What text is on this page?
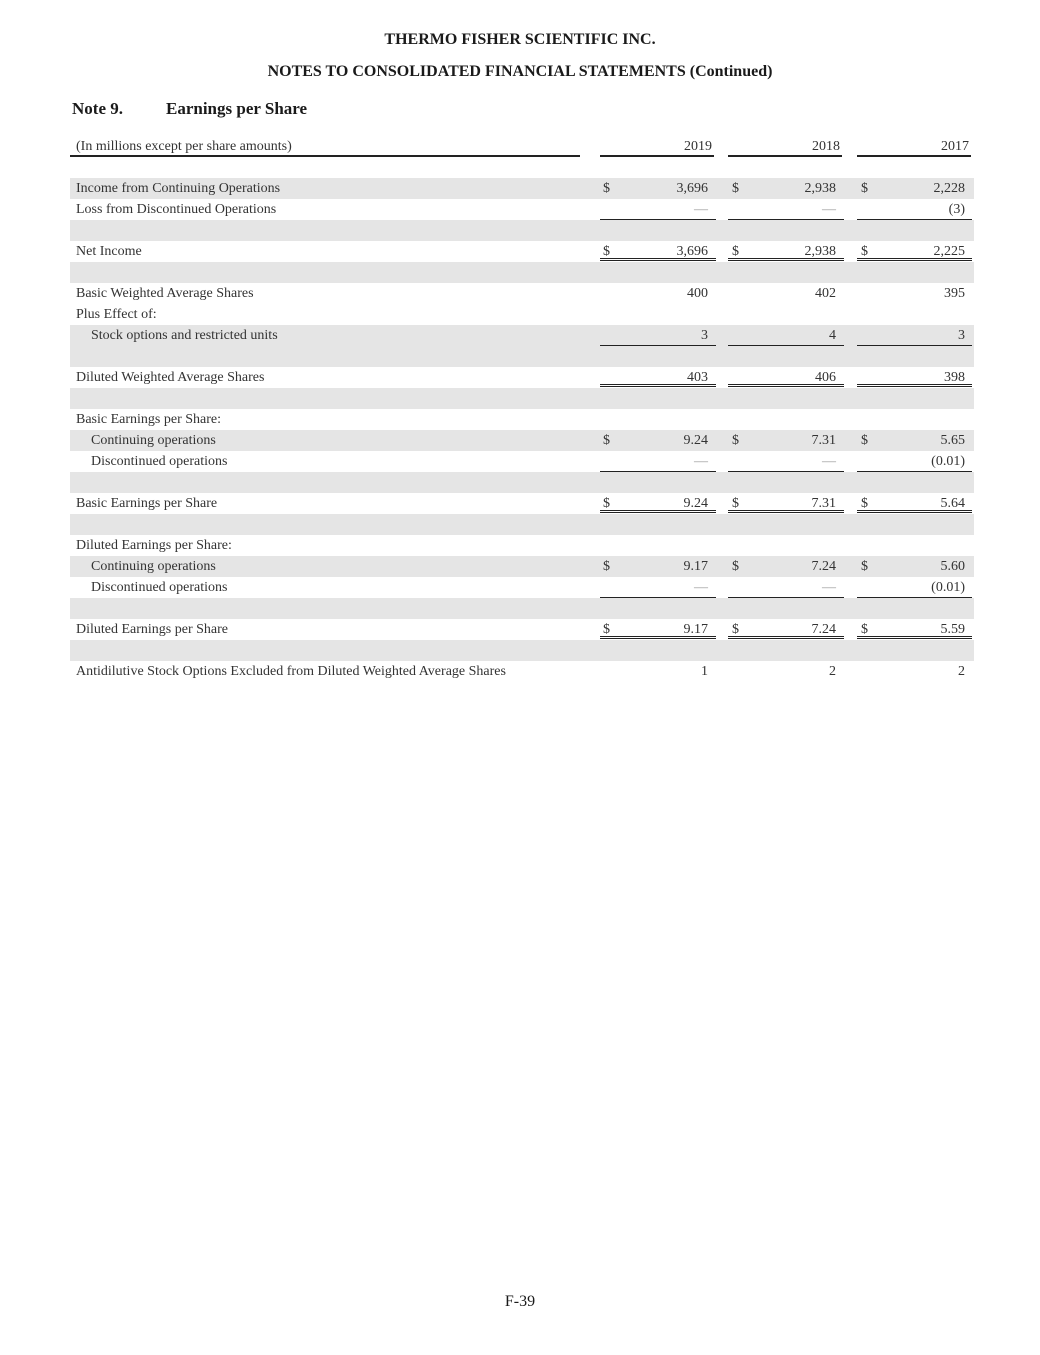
THERMO FISHER SCIENTIFIC INC.
NOTES TO CONSOLIDATED FINANCIAL STATEMENTS (Continued)
Note 9.	Earnings per Share
(In millions except per share amounts)	2019	2018	2017
Income from Continuing Operations	$	3,696 $	2,938 $	2,228
Loss from Discontinued Operations	—	—	(3)
Net Income	$	3,696 $	2,938 $	2,225
Basic Weighted Average Shares	400	402	395
Plus Effect of:
Stock options and restricted units	3	4	3
Diluted Weighted Average Shares	403	406	398
Basic Earnings per Share:
Continuing operations	$	9.24 $	7.31 $	5.65
Discontinued operations	—	—	(0.01)
Basic Earnings per Share	$	9.24 $	7.31 $	5.64
Diluted Earnings per Share:
Continuing operations	$	9.17 $	7.24 $	5.60
Discontinued operations	—	—	(0.01)
Diluted Earnings per Share	$	9.17 $	7.24 $	5.59
Antidilutive Stock Options Excluded from Diluted Weighted Average Shares	1	2	2
F-39
